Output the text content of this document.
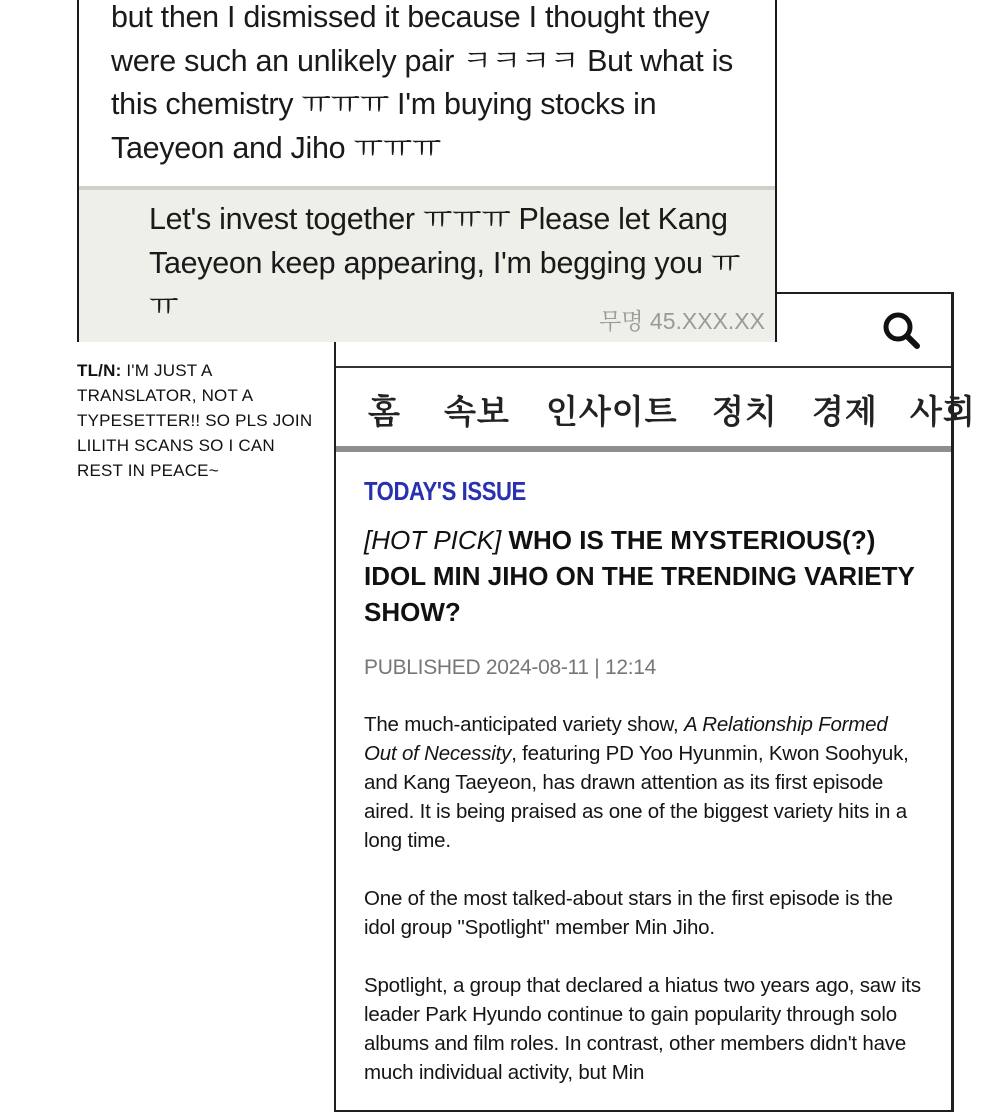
홈 속보 인사이트 정치 경제 사회
TODAY'S ISSUE
[HOT PICK] WHO IS THE MYSTERIOUS(?) IDOL MIN JIHO ON THE TRENDING VARIETY SHOW?
PUBLISHED 2024-08-11 | 12:14
The much-anticipated variety show, A Relationship Formed Out of Necessity, featuring PD Yoo Hyunmin, Kwon Soohyuk, and Kang Taeyeon, has drawn attention as its first episode aired. It is being praised as one of the biggest variety hits in a long time.
One of the most talked-about stars in the first episode is the idol group "Spotlight" member Min Jiho.
Spotlight, a group that declared a hiatus two years ago, saw its leader Park Hyundo continue to gain popularity through solo albums and film roles. In contrast, other members didn't have much individual activity, but Min
but then I dismissed it because I thought they were such an unlikely pair ㅋㅋㅋㅋ But what is this chemistry ㅠㅠㅠ I'm buying stocks in Taeyeon and Jiho ㅠㅠㅠ
Let's invest together ㅠㅠㅠ Please let Kang Taeyeon keep appearing, I'm begging you ㅠㅠ	무명 45.XXX.XX
TL/N: I'M JUST A TRANSLATOR, NOT A TYPESETTER!! SO PLS JOIN LILITH SCANS SO I CAN REST IN PEACE~
